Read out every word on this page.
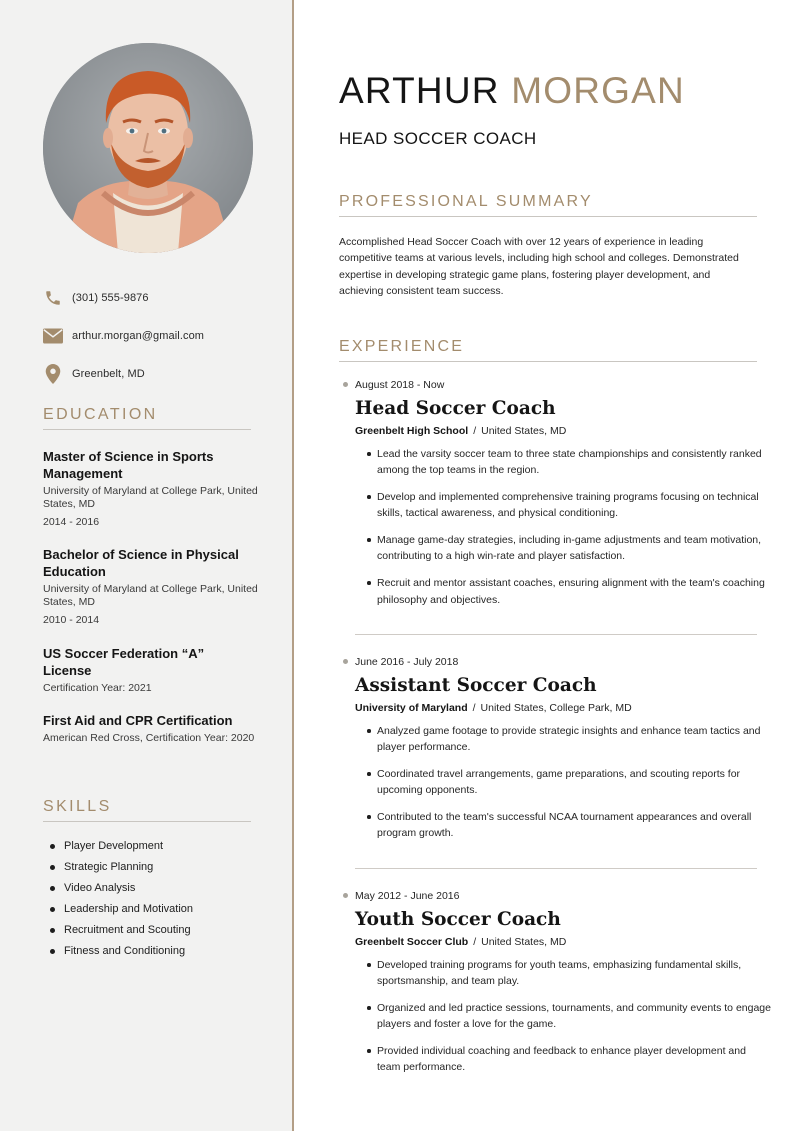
(301) 555-9876
arthur.morgan@gmail.com
Greenbelt, MD
EDUCATION
Master of Science in Sports Management
University of Maryland at College Park, United States, MD
2014 - 2016
Bachelor of Science in Physical Education
University of Maryland at College Park, United States, MD
2010 - 2014
US Soccer Federation “A” License
Certification Year: 2021
First Aid and CPR Certification
American Red Cross, Certification Year: 2020
SKILLS
Player Development
Strategic Planning
Video Analysis
Leadership and Motivation
Recruitment and Scouting
Fitness and Conditioning
ARTHUR MORGAN
HEAD SOCCER COACH
PROFESSIONAL SUMMARY
Accomplished Head Soccer Coach with over 12 years of experience in leading competitive teams at various levels, including high school and colleges. Demonstrated expertise in developing strategic game plans, fostering player development, and achieving consistent team success.
EXPERIENCE
August 2018 - Now
Head Soccer Coach
Greenbelt High School / United States, MD
Lead the varsity soccer team to three state championships and consistently ranked among the top teams in the region.
Develop and implemented comprehensive training programs focusing on technical skills, tactical awareness, and physical conditioning.
Manage game-day strategies, including in-game adjustments and team motivation, contributing to a high win-rate and player satisfaction.
Recruit and mentor assistant coaches, ensuring alignment with the team's coaching philosophy and objectives.
June 2016 - July 2018
Assistant Soccer Coach
University of Maryland / United States, College Park, MD
Analyzed game footage to provide strategic insights and enhance team tactics and player performance.
Coordinated travel arrangements, game preparations, and scouting reports for upcoming opponents.
Contributed to the team's successful NCAA tournament appearances and overall program growth.
May 2012 - June 2016
Youth Soccer Coach
Greenbelt Soccer Club / United States, MD
Developed training programs for youth teams, emphasizing fundamental skills, sportsmanship, and team play.
Organized and led practice sessions, tournaments, and community events to engage players and foster a love for the game.
Provided individual coaching and feedback to enhance player development and team performance.
